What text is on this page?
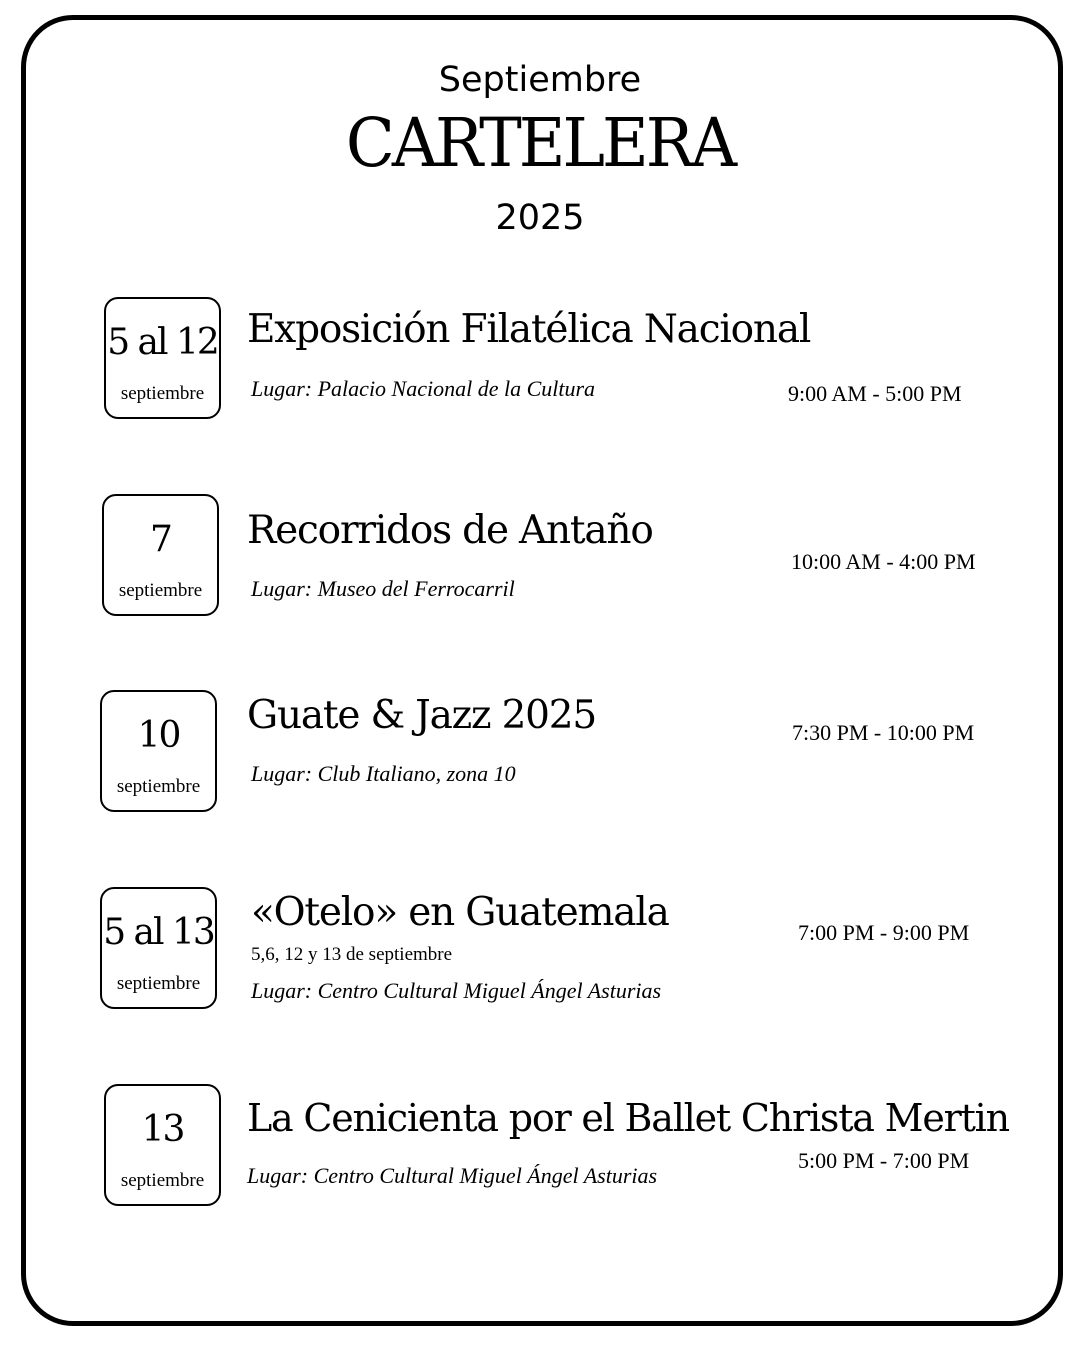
Septiembre
CARTELERA
2025
5 al 12
septiembre
Exposición Filatélica Nacional
Lugar: Palacio Nacional de la Cultura	9:00 AM - 5:00 PM
7
septiembre
Recorridos de Antaño
Lugar: Museo del Ferrocarril
10:00 AM - 4:00 PM
10
septiembre
Guate & Jazz 2025
Lugar: Club Italiano, zona 10
7:30 PM - 10:00 PM
5 al 13
septiembre
«Otelo» en Guatemala
5,6, 12 y 13 de septiembre
Lugar: Centro Cultural Miguel Ángel Asturias
7:00 PM - 9:00 PM
13
septiembre
La Cenicienta por el Ballet Christa Mertin
Lugar: Centro Cultural Miguel Ángel Asturias
5:00 PM - 7:00 PM
